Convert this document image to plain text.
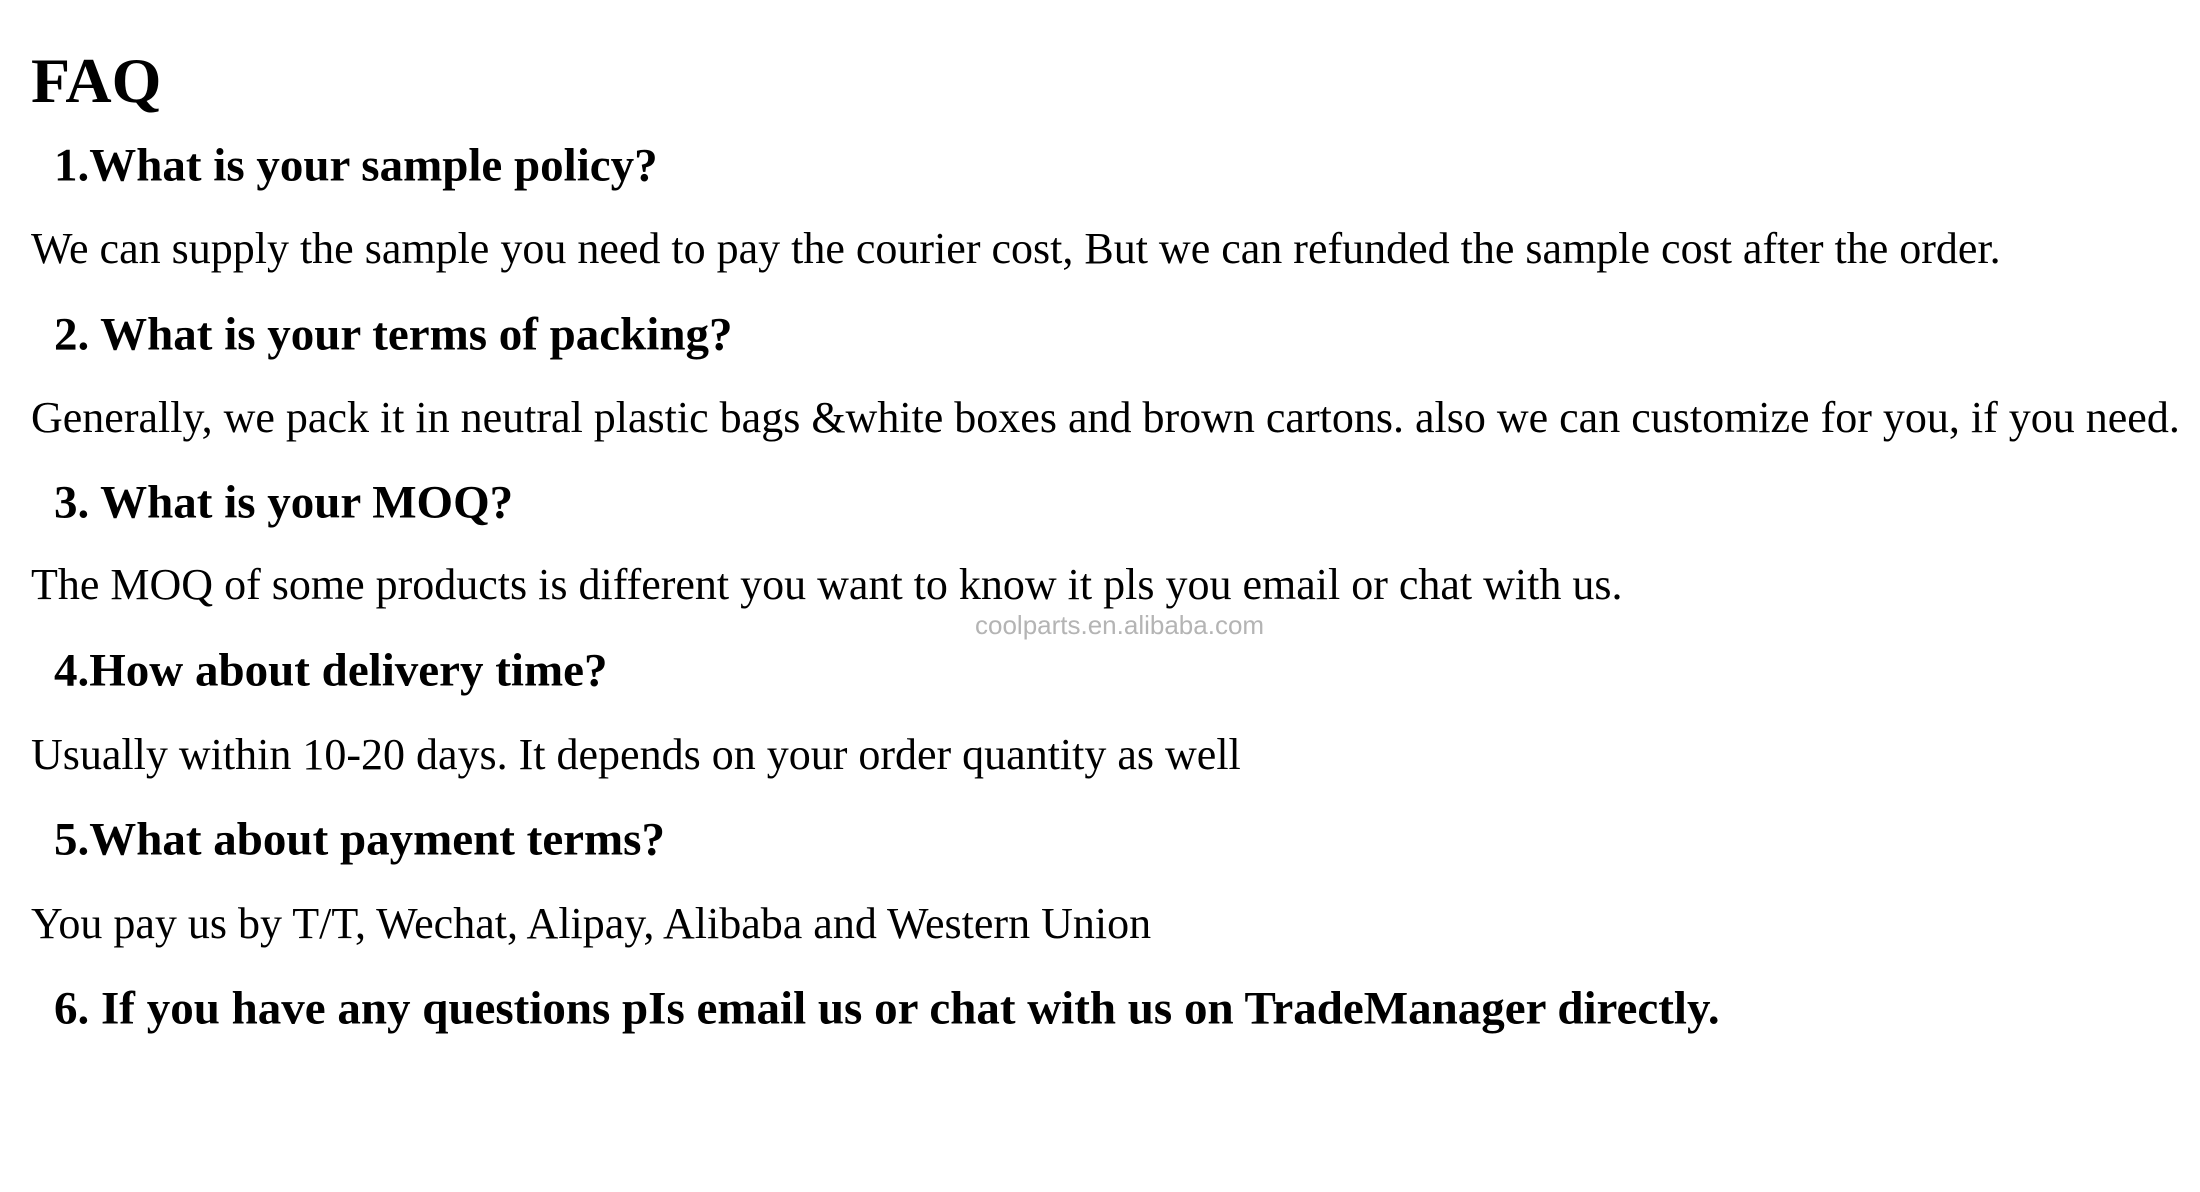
FAQ
1.What is your sample policy?
We can supply the sample you need to pay the courier cost, But we can refunded the sample cost after the order.
2. What is your terms of packing?
Generally, we pack it in neutral plastic bags &white boxes and brown cartons. also we can customize for you, if you need.
3. What is your MOQ?
The MOQ of some products is different you want to know it pls you email or chat with us.
4.How about delivery time?
Usually within 10-20 days. It depends on your order quantity as well
5.What about payment terms?
You pay us by T/T, Wechat, Alipay, Alibaba and Western Union
6. If you have any questions pIs email us or chat with us on TradeManager directly.
coolparts.en.alibaba.com
